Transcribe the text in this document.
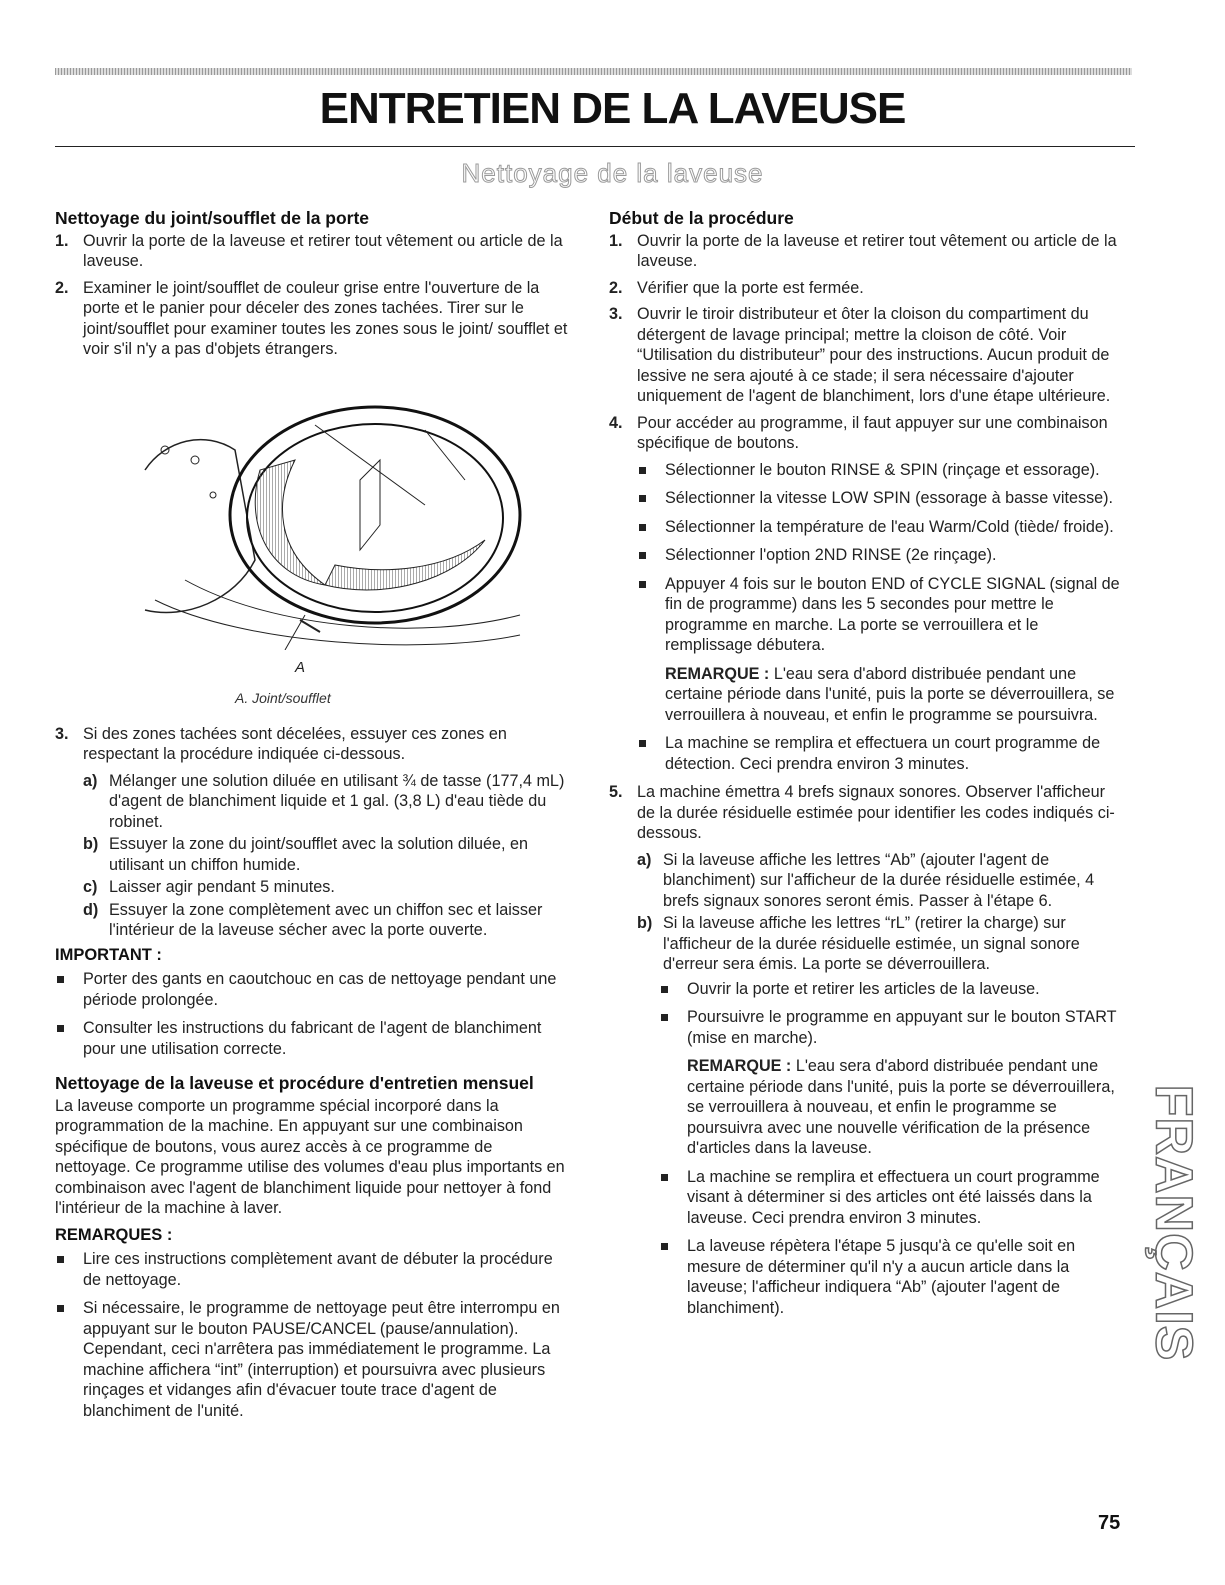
ENTRETIEN DE LA LAVEUSE
Nettoyage de la laveuse
Nettoyage du joint/soufflet de la porte
1. Ouvrir la porte de la laveuse et retirer tout vêtement ou article de la laveuse.
2. Examiner le joint/soufflet de couleur grise entre l'ouverture de la porte et le panier pour déceler des zones tachées. Tirer sur le joint/soufflet pour examiner toutes les zones sous le joint/ soufflet et voir s'il n'y a pas d'objets étrangers.
A
A. Joint/soufflet
3. Si des zones tachées sont décelées, essuyer ces zones en respectant la procédure indiquée ci-dessous.
a) Mélanger une solution diluée en utilisant ¾ de tasse (177,4 mL) d'agent de blanchiment liquide et 1 gal. (3,8 L) d'eau tiède du robinet.
b) Essuyer la zone du joint/soufflet avec la solution diluée, en utilisant un chiffon humide.
c) Laisser agir pendant 5 minutes.
d) Essuyer la zone complètement avec un chiffon sec et laisser l'intérieur de la laveuse sécher avec la porte ouverte.
IMPORTANT :
Porter des gants en caoutchouc en cas de nettoyage pendant une période prolongée.
Consulter les instructions du fabricant de l'agent de blanchiment pour une utilisation correcte.
Nettoyage de la laveuse et procédure d'entretien mensuel

La laveuse comporte un programme spécial incorporé dans la programmation de la machine. En appuyant sur une combinaison spécifique de boutons, vous aurez accès à ce programme de nettoyage. Ce programme utilise des volumes d'eau plus importants en combinaison avec l'agent de blanchiment liquide pour nettoyer à fond l'intérieur de la machine à laver.

REMARQUES :
Lire ces instructions complètement avant de débuter la procédure de nettoyage.
Si nécessaire, le programme de nettoyage peut être interrompu en appuyant sur le bouton PAUSE/CANCEL (pause/annulation). Cependant, ceci n'arrêtera pas immédiatement le programme. La machine affichera “int” (interruption) et poursuivra avec plusieurs rinçages et vidanges afin d'évacuer toute trace d'agent de blanchiment de l'unité.
Début de la procédure
1. Ouvrir la porte de la laveuse et retirer tout vêtement ou article de la laveuse.
2. Vérifier que la porte est fermée.
3. Ouvrir le tiroir distributeur et ôter la cloison du compartiment du détergent de lavage principal; mettre la cloison de côté. Voir “Utilisation du distributeur” pour des instructions. Aucun produit de lessive ne sera ajouté à ce stade; il sera nécessaire d'ajouter uniquement de l'agent de blanchiment, lors d'une étape ultérieure.
4. Pour accéder au programme, il faut appuyer sur une combinaison spécifique de boutons.
Sélectionner le bouton RINSE & SPIN (rinçage et essorage).
Sélectionner la vitesse LOW SPIN (essorage à basse vitesse).
Sélectionner la température de l'eau Warm/Cold (tiède/ froide).
Sélectionner l'option 2ND RINSE (2e rinçage).
Appuyer 4 fois sur le bouton END of CYCLE SIGNAL (signal de fin de programme) dans les 5 secondes pour mettre le programme en marche. La porte se verrouillera et le remplissage débutera.
REMARQUE : L'eau sera d'abord distribuée pendant une certaine période dans l'unité, puis la porte se déverrouillera, se verrouillera à nouveau, et enfin le programme se poursuivra.
La machine se remplira et effectuera un court programme de détection. Ceci prendra environ 3 minutes.
5. La machine émettra 4 brefs signaux sonores. Observer l'afficheur de la durée résiduelle estimée pour identifier les codes indiqués ci-dessous.
a) Si la laveuse affiche les lettres “Ab” (ajouter l'agent de blanchiment) sur l'afficheur de la durée résiduelle estimée, 4 brefs signaux sonores seront émis. Passer à l'étape 6.
b) Si la laveuse affiche les lettres “rL” (retirer la charge) sur l'afficheur de la durée résiduelle estimée, un signal sonore d'erreur sera émis. La porte se déverrouillera.
Ouvrir la porte et retirer les articles de la laveuse.
Poursuivre le programme en appuyant sur le bouton START (mise en marche).
REMARQUE : L'eau sera d'abord distribuée pendant une certaine période dans l'unité, puis la porte se déverrouillera, se verrouillera à nouveau, et enfin le programme se poursuivra avec une nouvelle vérification de la présence d'articles dans la laveuse.
La machine se remplira et effectuera un court programme visant à déterminer si des articles ont été laissés dans la laveuse. Ceci prendra environ 3 minutes.
La laveuse répètera l'étape 5 jusqu'à ce qu'elle soit en mesure de déterminer qu'il n'y a aucun article dans la laveuse; l'afficheur indiquera “Ab” (ajouter l'agent de blanchiment).	FRANÇAIS
75
